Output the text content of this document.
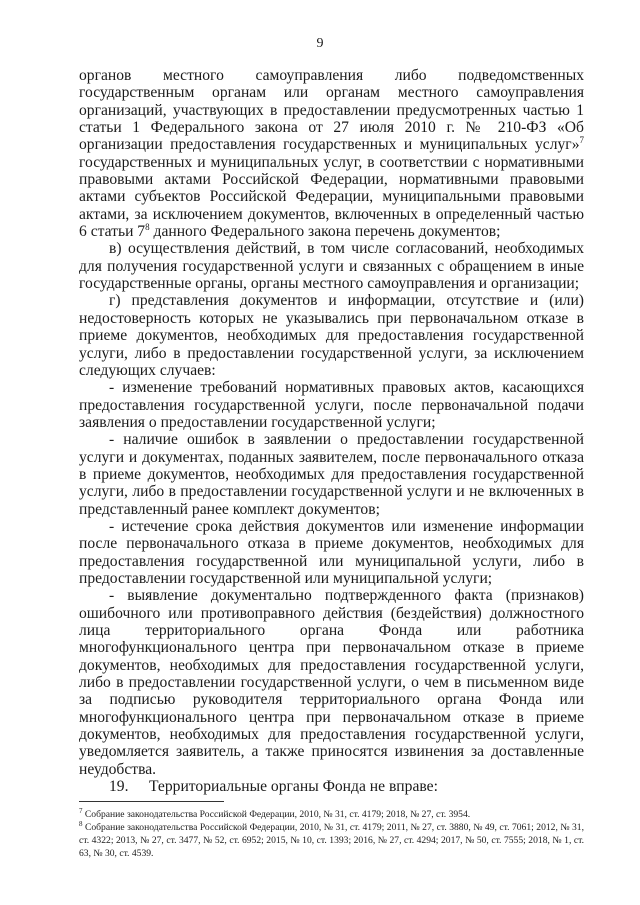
9

органов местного самоуправления либо подведомственных государственным органам или органам местного самоуправления организаций, участвующих в предоставлении предусмотренных частью 1 статьи 1 Федерального закона от 27 июля 2010 г. № 210-ФЗ «Об организации предоставления государственных и муниципальных услуг»$^7$ государственных и муниципальных услуг, в соответствии с нормативными правовыми актами Российской Федерации, нормативными правовыми актами субъектов Российской Федерации, муниципальными правовыми актами, за исключением документов, включенных в определенный частью 6 статьи $7^8$ данного Федерального закона перечень документов;

в) осуществления действий, в том числе согласований, необходимых для получения государственной услуги и связанных с обращением в иные государственные органы, органы местного самоуправления и организации;

г) представления документов и информации, отсутствие и (или) недостоверность которых не указывались при первоначальном отказе в приеме документов, необходимых для предоставления государственной услуги, либо в предоставлении государственной услуги, за исключением следующих случаев:

- изменение требований нормативных правовых актов, касающихся предоставления государственной услуги, после первоначальной подачи заявления о предоставлении государственной услуги;

- наличие ошибок в заявлении о предоставлении государственной услуги и документах, поданных заявителем, после первоначального отказа в приеме документов, необходимых для предоставления государственной услуги, либо в предоставлении государственной услуги и не включенных в представленный ранее комплект документов;

- истечение срока действия документов или изменение информации после первоначального отказа в приеме документов, необходимых для предоставления государственной или муниципальной услуги, либо в предоставлении государственной или муниципальной услуги;

- выявление документально подтвержденного факта (признаков) ошибочного или противоправного действия (бездействия) должностного лица территориального органа Фонда или работника многофункционального центра при первоначальном отказе в приеме документов, необходимых для предоставления государственной услуги, либо в предоставлении государственной услуги, о чем в письменном виде за подписью руководителя территориального органа Фонда или многофункционального центра при первоначальном отказе в приеме документов, необходимых для предоставления государственной услуги, уведомляется заявитель, а также приносятся извинения за доставленные неудобства.

19. Территориальные органы Фонда не вправе:

$^7$ Собрание законодательства Российской Федерации, 2010, № 31, ст. 4179; 2018, № 27, ст. 3954.

$^8$ Собрание законодательства Российской Федерации, 2010, № 31, ст. 4179; 2011, № 27, ст. 3880, № 49, ст. 7061; 2012, № 31, ст. 4322; 2013, № 27, ст. 3477, № 52, ст. 6952; 2015, № 10, ст. 1393; 2016, № 27, ст. 4294; 2017, № 50, ст. 7555; 2018, № 1, ст. 63, № 30, ст. 4539.
